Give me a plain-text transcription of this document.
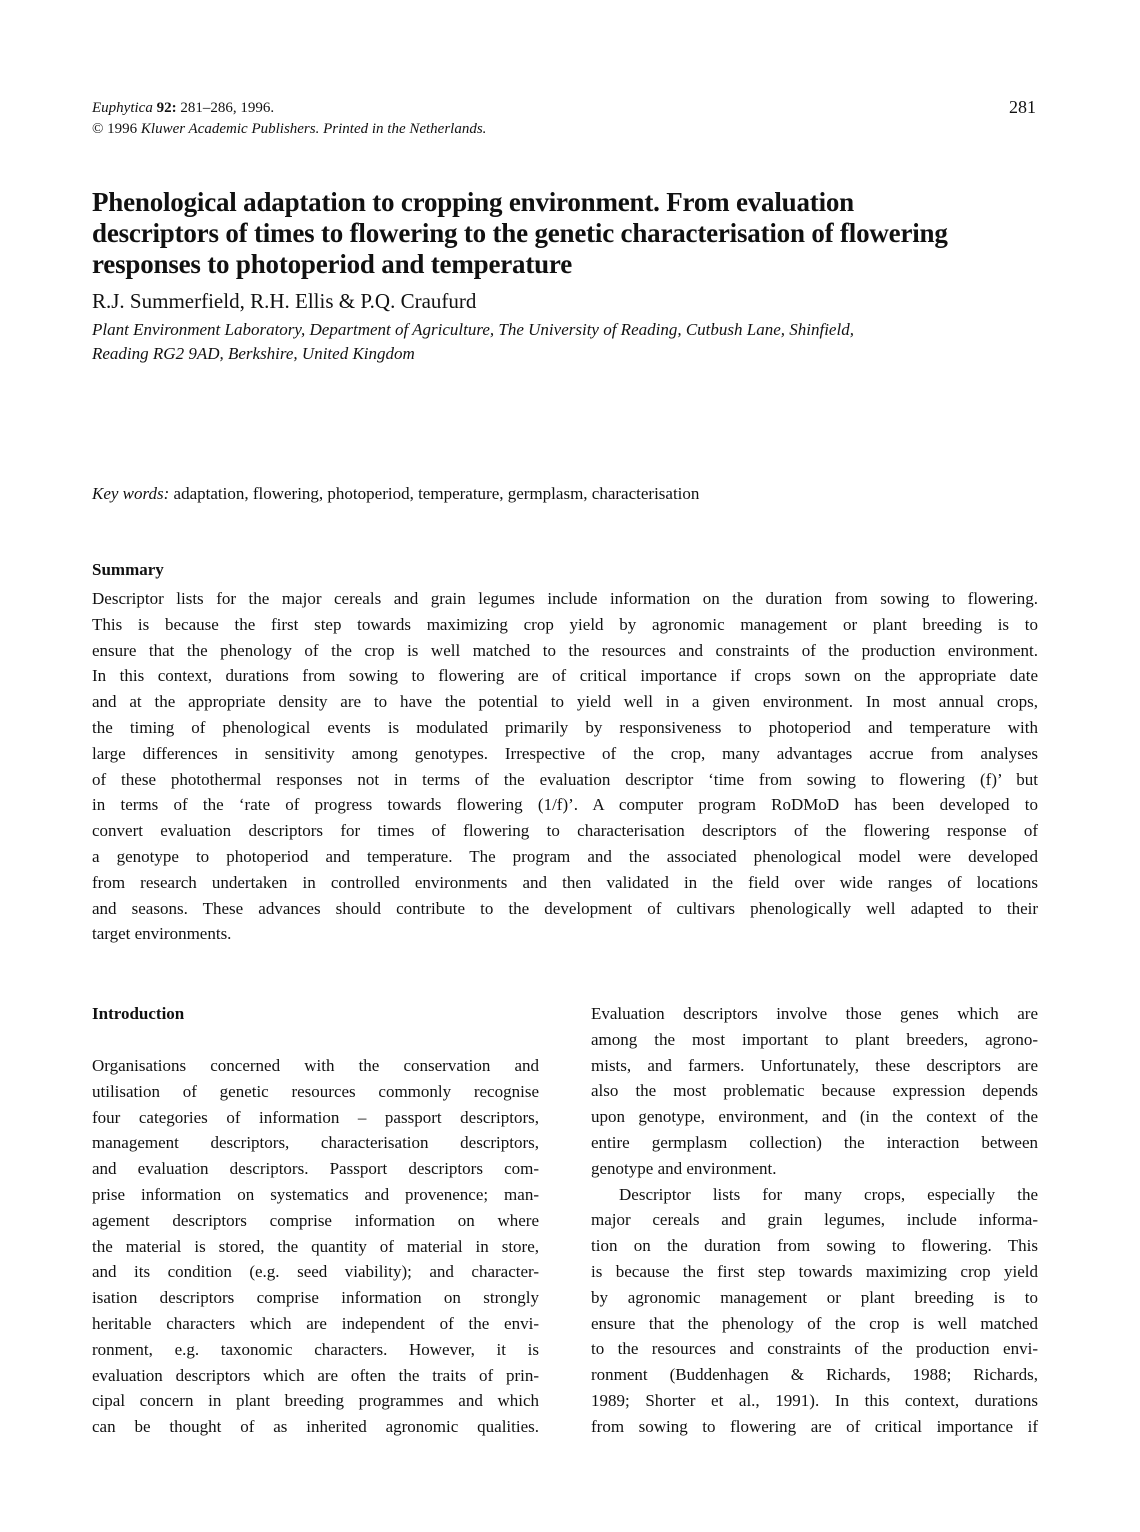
Euphytica 92: 281–286, 1996.
© 1996 Kluwer Academic Publishers. Printed in the Netherlands.
281
Phenological adaptation to cropping environment. From evaluation
descriptors of times to flowering to the genetic characterisation of flowering
responses to photoperiod and temperature
R.J. Summerfield, R.H. Ellis & P.Q. Craufurd
Plant Environment Laboratory, Department of Agriculture, The University of Reading, Cutbush Lane, Shinfield,
Reading RG2 9AD, Berkshire, United Kingdom
Key words: adaptation, flowering, photoperiod, temperature, germplasm, characterisation
Summary
Descriptor lists for the major cereals and grain legumes include information on the duration from sowing to flowering.
This is because the first step towards maximizing crop yield by agronomic management or plant breeding is to
ensure that the phenology of the crop is well matched to the resources and constraints of the production environment.
In this context, durations from sowing to flowering are of critical importance if crops sown on the appropriate date
and at the appropriate density are to have the potential to yield well in a given environment. In most annual crops,
the timing of phenological events is modulated primarily by responsiveness to photoperiod and temperature with
large differences in sensitivity among genotypes. Irrespective of the crop, many advantages accrue from analyses
of these photothermal responses not in terms of the evaluation descriptor ‘time from sowing to flowering (f)’ but
in terms of the ‘rate of progress towards flowering (1/f)’. A computer program RoDMoD has been developed to
convert evaluation descriptors for times of flowering to characterisation descriptors of the flowering response of
a genotype to photoperiod and temperature. The program and the associated phenological model were developed
from research undertaken in controlled environments and then validated in the field over wide ranges of locations
and seasons. These advances should contribute to the development of cultivars phenologically well adapted to their
target environments.
Introduction
Organisations concerned with the conservation and
utilisation of genetic resources commonly recognise
four categories of information – passport descriptors,
management descriptors, characterisation descriptors,
and evaluation descriptors. Passport descriptors com-
prise information on systematics and provenence; man-
agement descriptors comprise information on where
the material is stored, the quantity of material in store,
and its condition (e.g. seed viability); and character-
isation descriptors comprise information on strongly
heritable characters which are independent of the envi-
ronment, e.g. taxonomic characters. However, it is
evaluation descriptors which are often the traits of prin-
cipal concern in plant breeding programmes and which
can be thought of as inherited agronomic qualities.
Evaluation descriptors involve those genes which are
among the most important to plant breeders, agrono-
mists, and farmers. Unfortunately, these descriptors are
also the most problematic because expression depends
upon genotype, environment, and (in the context of the
entire germplasm collection) the interaction between
genotype and environment.
Descriptor lists for many crops, especially the
major cereals and grain legumes, include informa-
tion on the duration from sowing to flowering. This
is because the first step towards maximizing crop yield
by agronomic management or plant breeding is to
ensure that the phenology of the crop is well matched
to the resources and constraints of the production envi-
ronment (Buddenhagen & Richards, 1988; Richards,
1989; Shorter et al., 1991). In this context, durations
from sowing to flowering are of critical importance if
